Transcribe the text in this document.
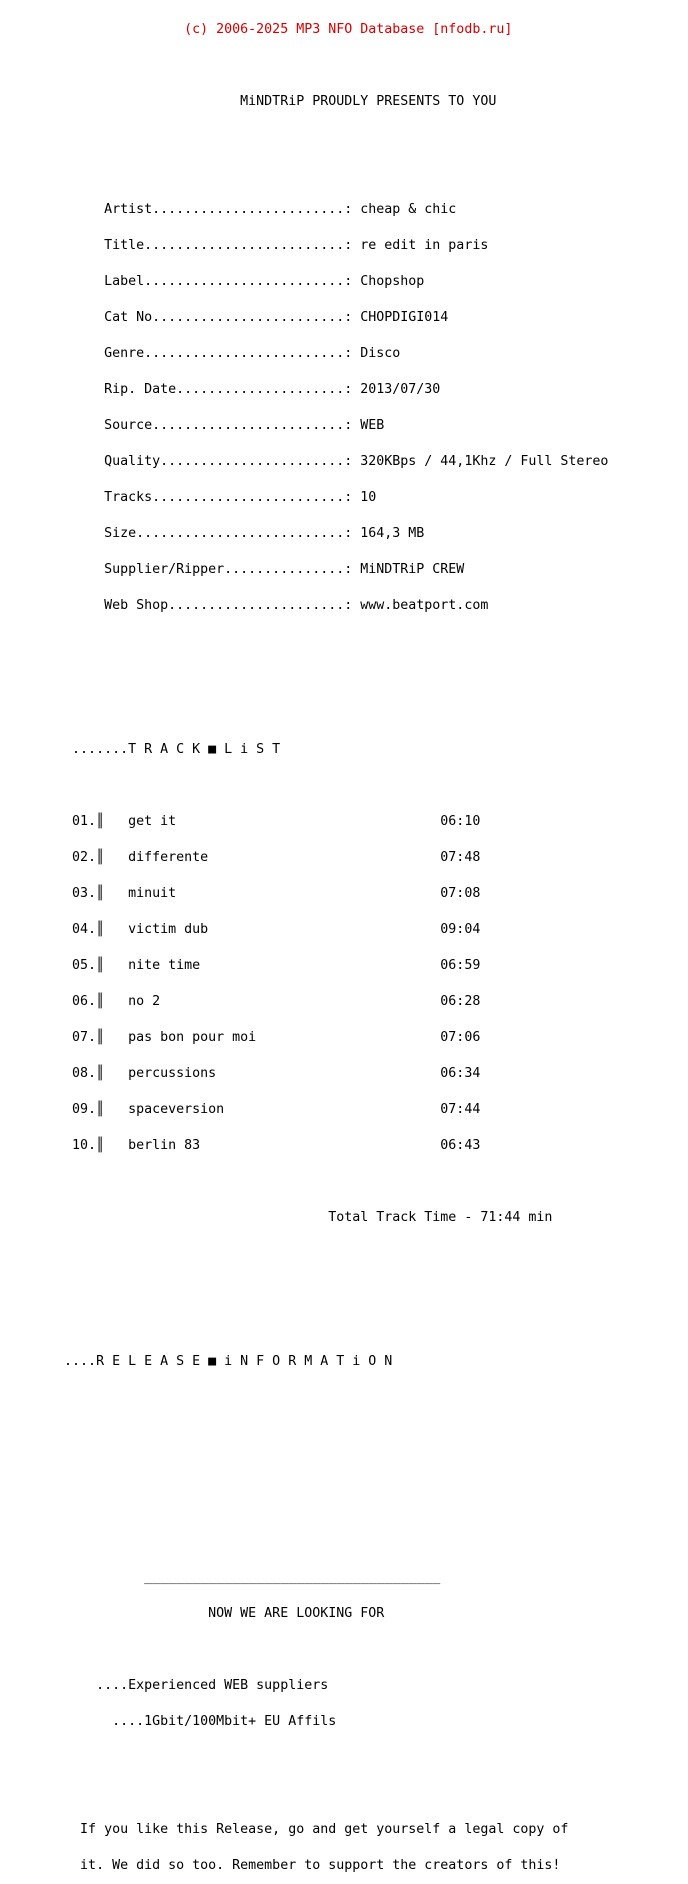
(c) 2006-2025 MP3 NFO Database [nfodb.ru]

MiNDTRiP PROUDLY PRESENTS TO YOU

Artist........................: cheap & chic

Title.........................: re edit in paris

Label.........................: Chopshop

Cat No........................: CHOPDIGI014

Genre.........................: Disco

Rip. Date.....................: 2013/07/30

Source........................: WEB

Quality.......................: 320KBps / 44,1Khz / Full Stereo

Tracks........................: 10

Size..........................: 164,3 MB

Supplier/Ripper...............: MiNDTRiP CREW

Web Shop......................: www.beatport.com

.......T R A C K ■ L i S T

01.║   get it                                 06:10

02.║   differente                             07:48

03.║   minuit                                 07:08

04.║   victim dub                             09:04

05.║   nite time                              06:59

06.║   no 2                                   06:28

07.║   pas bon pour moi                       07:06

08.║   percussions                            06:34

09.║   spaceversion                           07:44

10.║   berlin 83                              06:43

Total Track Time - 71:44 min

....R E L E A S E ■ i N F O R M A T i O N

_____________________________________

NOW WE ARE LOOKING FOR

....Experienced WEB suppliers

....1Gbit/100Mbit+ EU Affils

If you like this Release, go and get yourself a legal copy of

it. We did so too. Remember to support the creators of this!
